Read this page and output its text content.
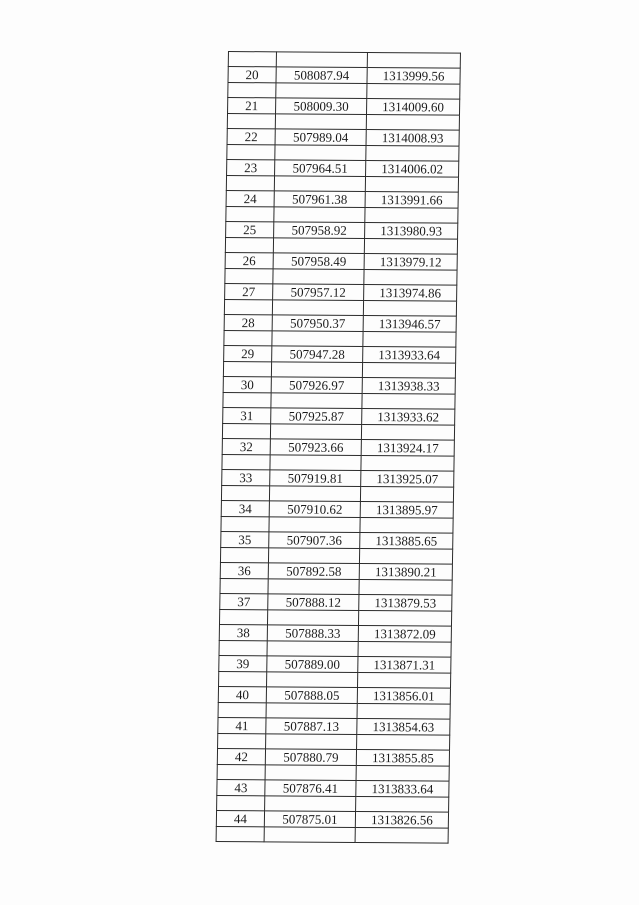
20	508087.94	1313999.56

21	508009.30	1314009.60

22	507989.04	1314008.93

23	507964.51	1314006.02

24	507961.38	1313991.66

25	507958.92	1313980.93

26	507958.49	1313979.12

27	507957.12	1313974.86

28	507950.37	1313946.57

29	507947.28	1313933.64

30	507926.97	1313938.33

31	507925.87	1313933.62

32	507923.66	1313924.17

33	507919.81	1313925.07

34	507910.62	1313895.97

35	507907.36	1313885.65

36	507892.58	1313890.21

37	507888.12	1313879.53

38	507888.33	1313872.09

39	507889.00	1313871.31

40	507888.05	1313856.01

41	507887.13	1313854.63

42	507880.79	1313855.85

43	507876.41	1313833.64

44	507875.01	1313826.56
